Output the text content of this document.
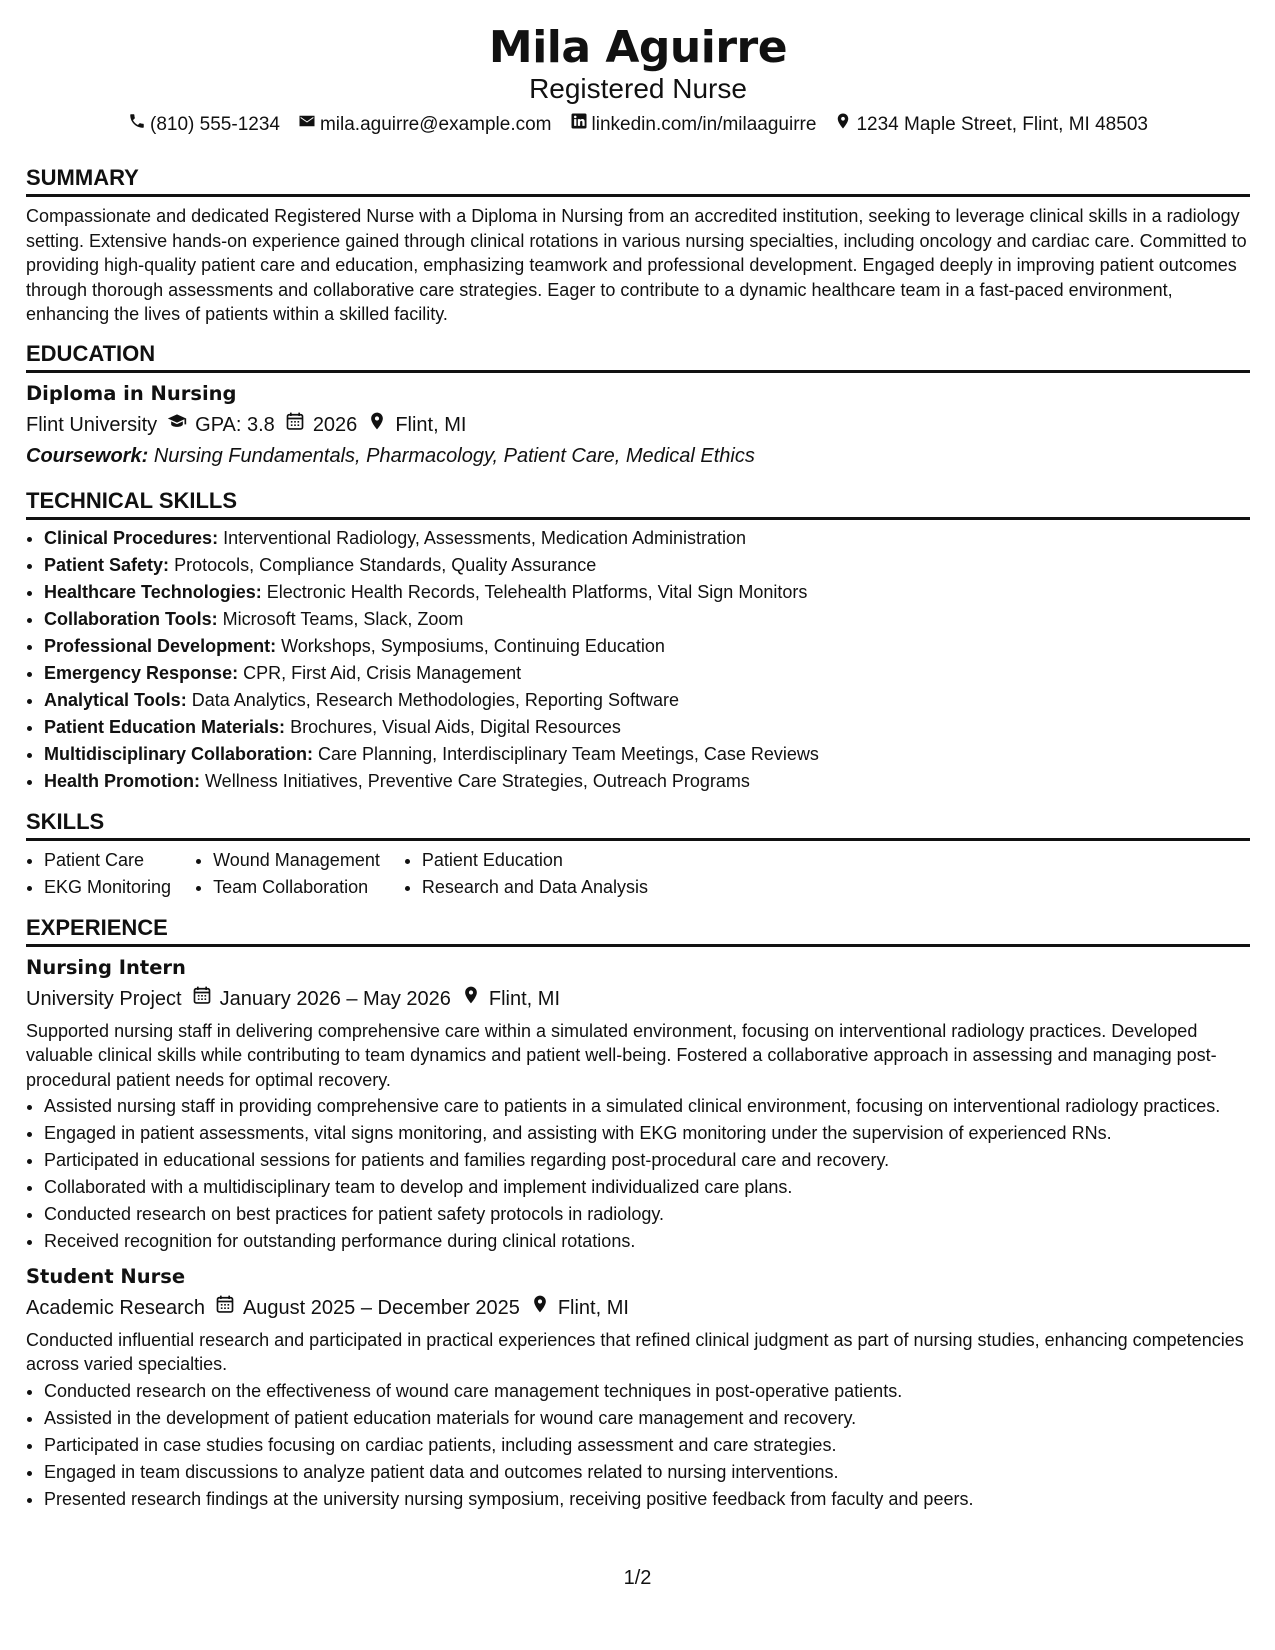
Mila Aguirre
Registered Nurse
(810) 555-1234 mila.aguirre@example.com linkedin.com/in/milaaguirre 1234 Maple Street, Flint, MI 48503
SUMMARY
Compassionate and dedicated Registered Nurse with a Diploma in Nursing from an accredited institution, seeking to leverage clinical skills in a radiology setting. Extensive hands-on experience gained through clinical rotations in various nursing specialties, including oncology and cardiac care. Committed to providing high-quality patient care and education, emphasizing teamwork and professional development. Engaged deeply in improving patient outcomes through thorough assessments and collaborative care strategies. Eager to contribute to a dynamic healthcare team in a fast-paced environment, enhancing the lives of patients within a skilled facility.
EDUCATION
Diploma in Nursing
Flint University GPA: 3.8 2026 Flint, MI
Coursework: Nursing Fundamentals, Pharmacology, Patient Care, Medical Ethics
TECHNICAL SKILLS
• Clinical Procedures: Interventional Radiology, Assessments, Medication Administration
• Patient Safety: Protocols, Compliance Standards, Quality Assurance
• Healthcare Technologies: Electronic Health Records, Telehealth Platforms, Vital Sign Monitors
• Collaboration Tools: Microsoft Teams, Slack, Zoom
• Professional Development: Workshops, Symposiums, Continuing Education
• Emergency Response: CPR, First Aid, Crisis Management
• Analytical Tools: Data Analytics, Research Methodologies, Reporting Software
• Patient Education Materials: Brochures, Visual Aids, Digital Resources
• Multidisciplinary Collaboration: Care Planning, Interdisciplinary Team Meetings, Case Reviews
• Health Promotion: Wellness Initiatives, Preventive Care Strategies, Outreach Programs
SKILLS
• Patient Care
• EKG Monitoring
• Wound Management
• Team Collaboration
• Patient Education
• Research and Data Analysis
EXPERIENCE
Nursing Intern
University Project January 2026 – May 2026 Flint, MI
Supported nursing staff in delivering comprehensive care within a simulated environment, focusing on interventional radiology practices. Developed valuable clinical skills while contributing to team dynamics and patient well-being. Fostered a collaborative approach in assessing and managing post-procedural patient needs for optimal recovery.
• Assisted nursing staff in providing comprehensive care to patients in a simulated clinical environment, focusing on interventional radiology practices.
• Engaged in patient assessments, vital signs monitoring, and assisting with EKG monitoring under the supervision of experienced RNs.
• Participated in educational sessions for patients and families regarding post-procedural care and recovery.
• Collaborated with a multidisciplinary team to develop and implement individualized care plans.
• Conducted research on best practices for patient safety protocols in radiology.
• Received recognition for outstanding performance during clinical rotations.
Student Nurse
Academic Research August 2025 – December 2025 Flint, MI
Conducted influential research and participated in practical experiences that refined clinical judgment as part of nursing studies, enhancing competencies across varied specialties.
• Conducted research on the effectiveness of wound care management techniques in post-operative patients.
• Assisted in the development of patient education materials for wound care management and recovery.
• Participated in case studies focusing on cardiac patients, including assessment and care strategies.
• Engaged in team discussions to analyze patient data and outcomes related to nursing interventions.
• Presented research findings at the university nursing symposium, receiving positive feedback from faculty and peers.
1/2
